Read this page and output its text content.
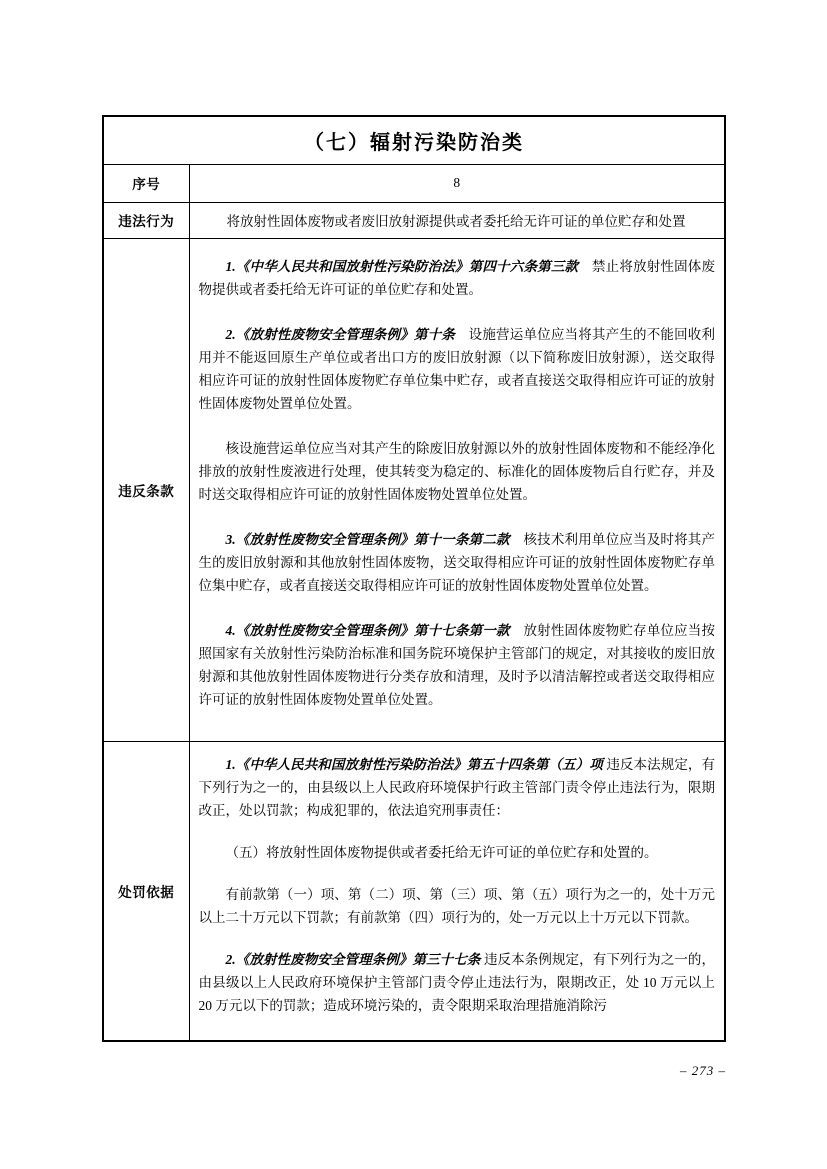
（七）辐射污染防治类	
序号	8
违法行为	将放射性固体废物或者废旧放射源提供或者委托给无许可证的单位贮存和处置

违反条款	1.《中华人民共和国放射性污染防治法》第四十六条第三款　禁止将放射性固体废物提供或者委托给无许可证的单位贮存和处置。

2.《放射性废物安全管理条例》第十条　设施营运单位应当将其产生的不能回收利用并不能返回原生产单位或者出口方的废旧放射源（以下简称废旧放射源），送交取得相应许可证的放射性固体废物贮存单位集中贮存，或者直接送交取得相应许可证的放射性固体废物处置单位处置。

核设施营运单位应当对其产生的除废旧放射源以外的放射性固体废物和不能经净化排放的放射性废液进行处理，使其转变为稳定的、标准化的固体废物后自行贮存，并及时送交取得相应许可证的放射性固体废物处置单位处置。

3.《放射性废物安全管理条例》第十一条第二款　核技术利用单位应当及时将其产生的废旧放射源和其他放射性固体废物，送交取得相应许可证的放射性固体废物贮存单位集中贮存，或者直接送交取得相应许可证的放射性固体废物处置单位处置。

4.《放射性废物安全管理条例》第十七条第一款　放射性固体废物贮存单位应当按照国家有关放射性污染防治标准和国务院环境保护主管部门的规定，对其接收的废旧放射源和其他放射性固体废物进行分类存放和清理，及时予以清洁解控或者送交取得相应许可证的放射性固体废物处置单位处置。

处罚依据	1.《中华人民共和国放射性污染防治法》第五十四条第（五）项 违反本法规定，有下列行为之一的，由县级以上人民政府环境保护行政主管部门责令停止违法行为，限期改正，处以罚款；构成犯罪的，依法追究刑事责任：

（五）将放射性固体废物提供或者委托给无许可证的单位贮存和处置的。

有前款第（一）项、第（二）项、第（三）项、第（五）项行为之一的，处十万元以上二十万元以下罚款；有前款第（四）项行为的，处一万元以上十万元以下罚款。

2.《放射性废物安全管理条例》第三十七条 违反本条例规定，有下列行为之一的，由县级以上人民政府环境保护主管部门责令停止违法行为，限期改正，处 10 万元以上 20 万元以下的罚款；造成环境污染的，责令限期采取治理措施消除污

– 273 –
